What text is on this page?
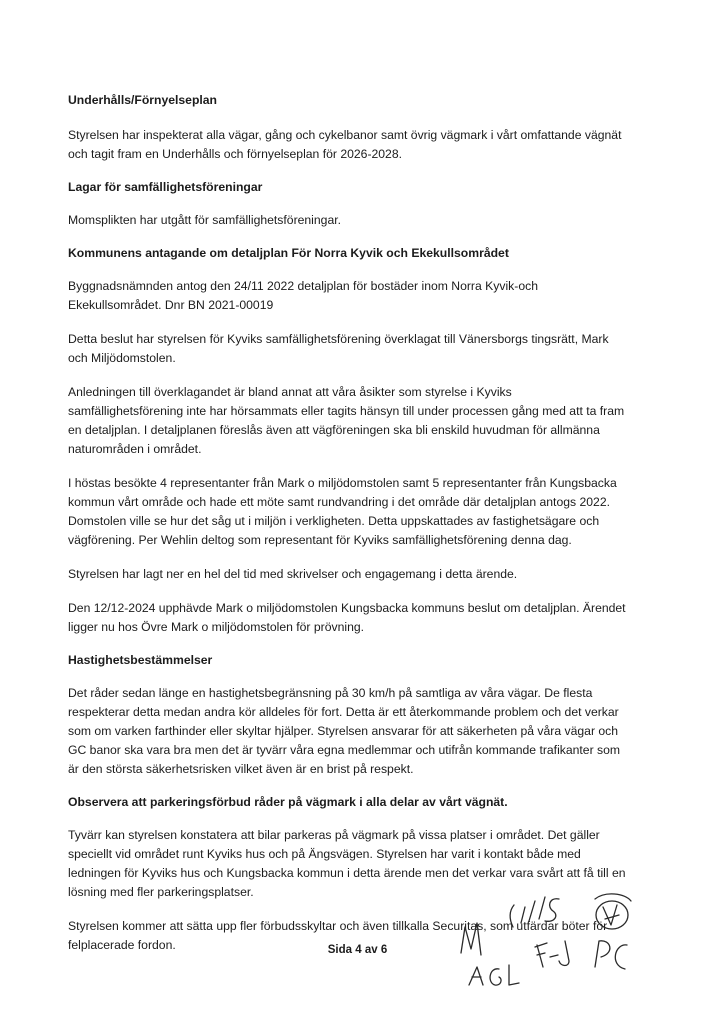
Underhålls/Förnyelseplan

Styrelsen har inspekterat alla vägar, gång och cykelbanor samt övrig vägmark i vårt omfattande vägnät och tagit fram en Underhålls och förnyelseplan för 2026-2028.

Lagar för samfällighetsföreningar

Momsplikten har utgått för samfällighetsföreningar.

Kommunens antagande om detaljplan För Norra Kyvik och Ekekullsområdet

Byggnadsnämnden antog den 24/11 2022 detaljplan för bostäder inom Norra Kyvik-och Ekekullsområdet. Dnr BN 2021-00019

Detta beslut har styrelsen för Kyviks samfällighetsförening överklagat till Vänersborgs tingsrätt, Mark och Miljödomstolen.

Anledningen till överklagandet är bland annat att våra åsikter som styrelse i Kyviks samfällighetsförening inte har hörsammats eller tagits hänsyn till under processen gång med att ta fram en detaljplan. I detaljplanen föreslås även att vägföreningen ska bli enskild huvudman för allmänna naturområden i området.

I höstas besökte 4 representanter från Mark o miljödomstolen samt 5 representanter från Kungsbacka kommun vårt område och hade ett möte samt rundvandring i det område där detaljplan antogs 2022. Domstolen ville se hur det såg ut i miljön i verkligheten. Detta uppskattades av fastighetsägare och vägförening. Per Wehlin deltog som representant för Kyviks samfällighetsförening denna dag.

Styrelsen har lagt ner en hel del tid med skrivelser och engagemang i detta ärende.

Den 12/12-2024 upphävde Mark o miljödomstolen Kungsbacka kommuns beslut om detaljplan. Ärendet ligger nu hos Övre Mark o miljödomstolen för prövning.

Hastighetsbestämmelser

Det råder sedan länge en hastighetsbegränsning på 30 km/h på samtliga av våra vägar. De flesta respekterar detta medan andra kör alldeles för fort. Detta är ett återkommande problem och det verkar som om varken farthinder eller skyltar hjälper. Styrelsen ansvarar för att säkerheten på våra vägar och GC banor ska vara bra men det är tyvärr våra egna medlemmar och utifrån kommande trafikanter som är den största säkerhetsrisken vilket även är en brist på respekt.

Observera att parkeringsförbud råder på vägmark i alla delar av vårt vägnät.

Tyvärr kan styrelsen konstatera att bilar parkeras på vägmark på vissa platser i området. Det gäller speciellt vid området runt Kyviks hus och på Ängsvägen. Styrelsen har varit i kontakt både med ledningen för Kyviks hus och Kungsbacka kommun i detta ärende men det verkar vara svårt att få till en lösning med fler parkeringsplatser.

Styrelsen kommer att sätta upp fler förbudsskyltar och även tillkalla Securitas, som utfärdar böter för felplacerade fordon.	Sida 4 av 6
